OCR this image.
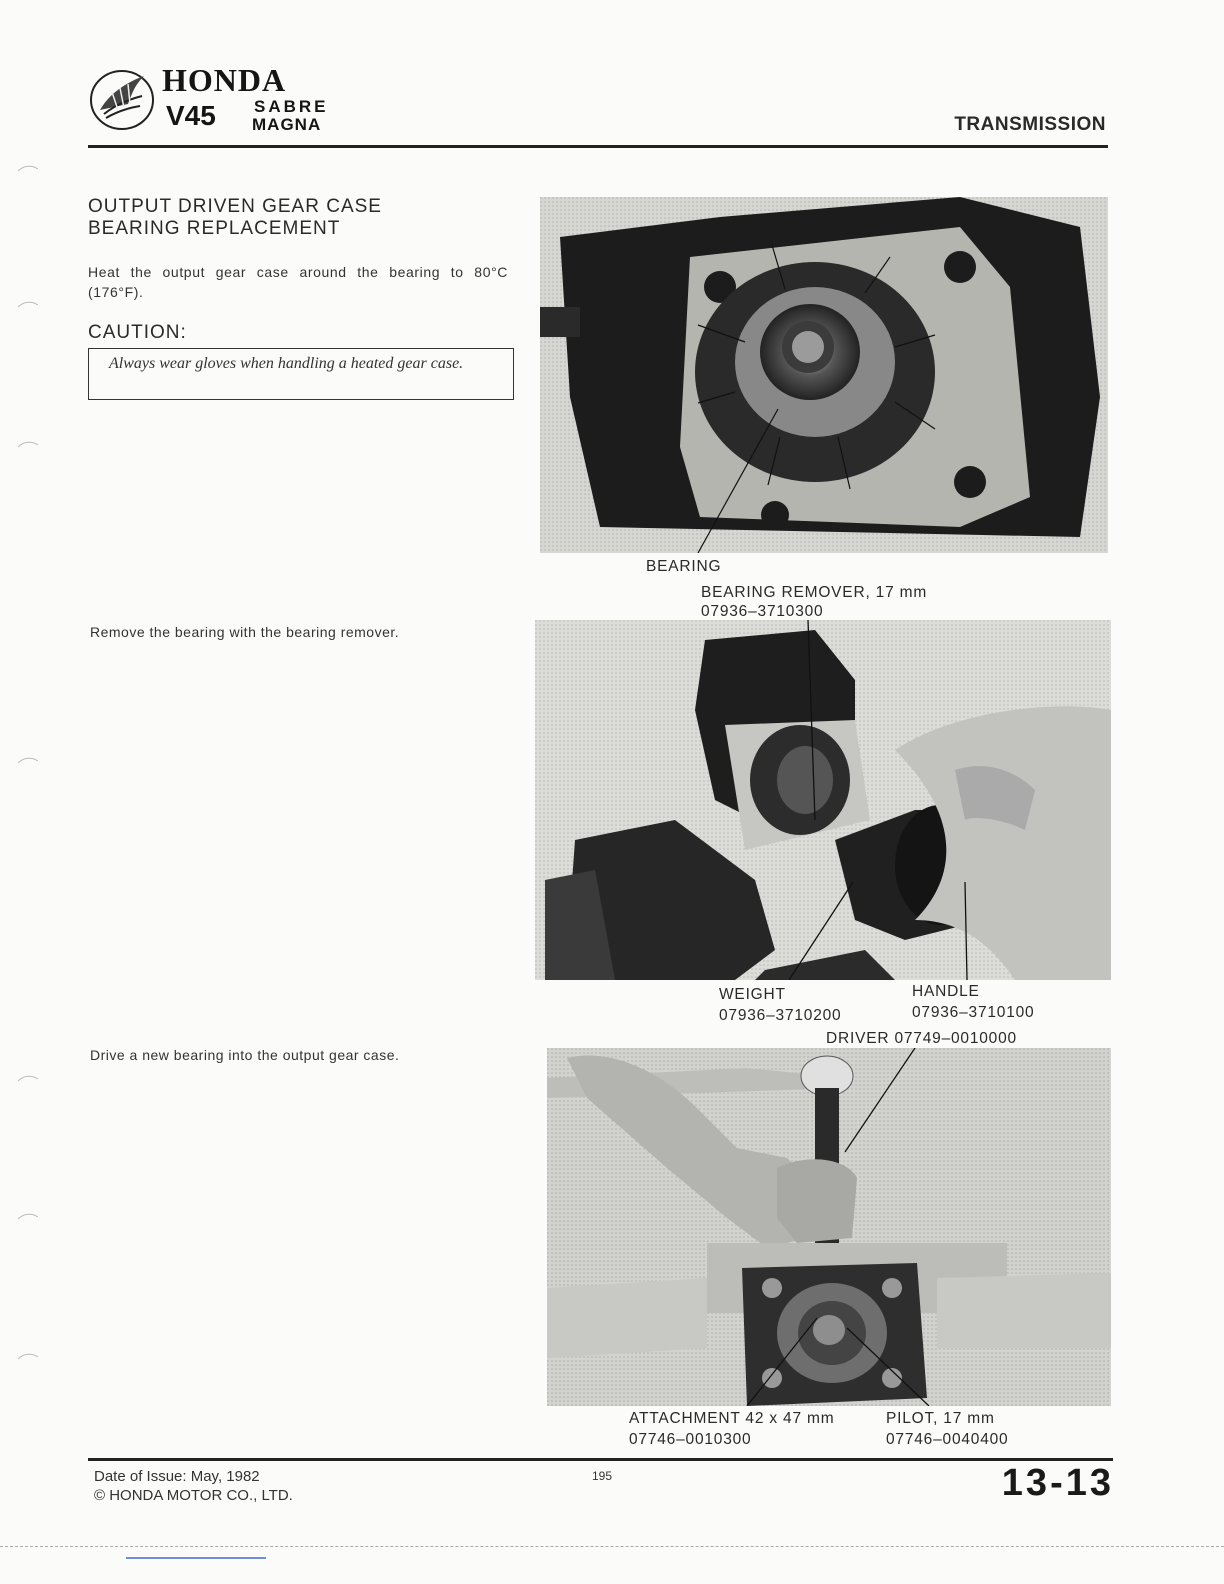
HONDA
V45 SABRE
MAGNA	TRANSMISSION
OUTPUT DRIVEN GEAR CASE
BEARING REPLACEMENT
Heat the output gear case around the bearing to 80°C (176°F).
CAUTION:
Always wear gloves when handling a heated gear case.
Remove the bearing with the bearing remover.
Drive a new bearing into the output gear case.
BEARING
BEARING REMOVER, 17 mm
07936–3710300
WEIGHT
07936–3710200
HANDLE
07936–3710100
DRIVER 07749–0010000
ATTACHMENT 42 x 47 mm
07746–0010300
PILOT, 17 mm
07746–0040400
Date of Issue: May, 1982
© HONDA MOTOR CO., LTD.
195	13-13
